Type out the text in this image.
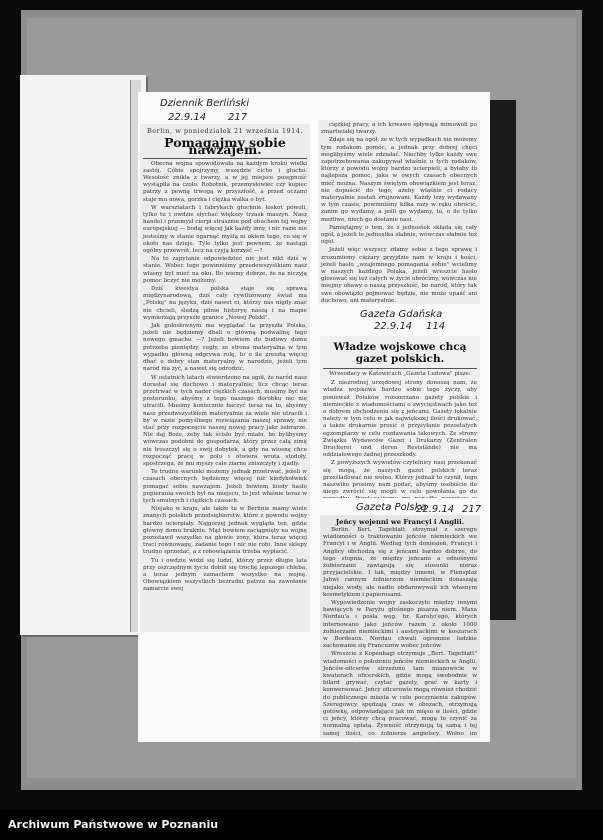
Dziennik Berliński
22.9.14 217
Berlin, w poniedziałek 21 września 1914.
Pomagajmy sobie nawzajem.

Obecna wojna spowodowała na każdym kroku wielki zastój. Cóbie spojrzymy, wszędzie cicho i głucho. Wesołość znikła z twarzy, a w jej miejsce posępność wystąpiła na czoło. Robotnik, przemysłowiec czy kupiec patrzy z pewną trwogą w przyszłość, a przed oczami staje mu nowa, gorzka i ciężka walka o byt.

W warsztatach i fabrykach głuchnie łoskot powoli, tylko tu i owdzie słychać większy trzask maszyn. Nasz handel i przemysł cierpi strasznie pod obuchem tej wojny europejskiej — bodaj więcej jak każdy inny, i nic razie nie jesteśmy w stanie ogarnąć myślą ni okiem tego, co się w około nas dzieje. Tyle tylko jest pewnem, że nastągi ogólny przewrót, lecz na czyją korzyść —?

Na to zapytanie odpowiedzieć nie jest nikt dziś w stanie. Wobec tego powinniśmy przedewszystkiem nasz własny byt mieć na oku. Bo wiemy dobrze, że na niczyją pomoc liczyć nie możemy.

Dziś kwestya polska staje się sprawą międzynarodową, dziś cały cywilizowany świat ma „Polskę" na języku, dziś nawet ci, którzy nas nigdy znać nie chcieli, śledzą pilnie historyę naszą i na mapie wymierzają przyszłe granice „Nowej Polski".

Jak gołosłownym ma wyglądać ta przyszła Polska, jeżeli nie będziemy dbali o główną podwalinę tego nowego gmachu —? Jeżeli bowiem do budowy domu potrzeba pieniędzy, cegły, ze strona materyalna w tym wypadku główną odgrywa rolę, to o ile zresztą więcej dbać o dobry stan materyalny w narodzie, jeżeli tym naród ma żyć, a nawet się odrodzić.

W ostatnich latach stwierdzono na ogół, że naród nasz dorastał się duchowo i materyalnie; licz chcąc teraz przetrwać w tych nader ciężkich czasach, musimy być na posterunku, abyśmy z tego naszego dorobku nic nie utracili. Musimy koniecznie baczyć teraz na to, abyśmy nasz przedwszystkiem materyalnie za wiele nie utracili i by w razie pomyślnego rozwiązania naszej sprawy, nie stać przy rozpoczęciu naszej nowej pracy jakr żebrarze. Nie daj Boże, żeby tak ścisło być miało, bo bylibyśmy wówczas podobni do gospodarza, który przez całą zimę nie troszczył się o swój dobytek, a gdy na wiosnę chce rozpocząć pracę w polu i otwiera wrota stodoły, spostrzega, że mu myszy całe ziarno zniszczyły i zjadły.

Te trudne warunki możemy jednak przetrwać, jeżeli w czasach obecnych będziemy więcej niż kiedykolwiek pomagać sobie nawzajem. Jeżeli bowiem kiedy hasło popierania swoich był na miejscu, to jest właśnie teraz w tych smutnych i ciężkich czasach.

Niejako w kraju, ale także tu w Berlinie mamy wiele znanych polskich przedsiębiorstw, które z powodu wojny bardzo ucierpiały. Najgorzej jednak wygląda ten, gdzie główny domu braknie. Mąż bowiem zaciągnięty na wojnę pozostawił wszystko na głowie żony, która teraz więcej traci równowagę, zadanie tego i nic nie robi. Inne sklepy trudno sprzedać, a z robowiązania trzeba wypłacić.

Tu i owdzie widzi się ludzi, którzy przez długie lata przy oszczędnym życiu dobili się trochę lepszego chleba, a teraz jednym zamachem wszystko na wojnę. Obowiązkiem wszystkich bezradni patrza na zawołanie zamarcie swej

ciężkiej pracy, a ich krwawo spływają mimowoli po zmartwiałej twarzy.

Zdaje się na ogół, że w tych wypadkach nie możemy tym rodakom pomóc, a jednak przy dobrej chęci moglibyśmy wiele zdziałać. Niechby tylko każdy swe zapotrzebowania zakupywał właśnie u tych rodaków, którzy z powodu wojny bardzo ucierpieli, a byłaby to najlepsza pomoc, jaka w owych czasach obecnych mieć można. Naszym świętym obowiązkiem jest teraz, nie dopuścić do tego, ażeby właśnie ci rodacy materyalnie zostali zrujnowani. Każdy trzy wydawany w tym czasie, powinniśmy kilka razy w ręku obrócić, zanim go wydamy, a jeśli go wydamy, to, o ile tylko możliwe, niech go dostanie nasi.

Pamiętajmy o tem, że z jednostek składa się cały ogół, a jeżeli te jednostka słabnie, wówczas słabnie też ogół.

Jeżeli więc wszyscy zdamy sobie z tego sprawę i zrozumiemy ciężary przyjdzie nam w kraju i kości, jeżeli hasło „wzajemnego pomagania sobie" wcielimy w naszych każdego Polaka, jeżeli wreszcie hasło głosować się też całych w życie obrócimy, wówczas nie miejmy obawy o naszą przyszłość, bo naród, który tak swe obowiązki pojmować będzie, nie może upaść ani duchowo, ani materyalnie.

Gazeta Gdańska
22.9.14 114
Władze wojskowe chcą gazet polskich.
Wrzeodacy w Katowicach „Gazeta Ludowa" pisze:

Z niezrodnej urzędowej strony donoszą nam, że władza wojskowa bardzo sobie tego życzy, aby ponieważ Polaków rozszerzano gazety polskie i niemieckie z wiadomościami o zwycięstwach jako też o dobrem obchodzeniu się z jeńcami. Gazety lokalnie należy w tym celu w jak największej ilości drukować, a także drukarnie prosić o przysyłanie pozostałych egzemplarzy w celu rozdawania takowych. Ze strony Związku Wydawców Gazet i Drukarzy (Zentralen Druckerei und deren Reststände) nie ma oddziałowego żadnej przeszkody.

Z powyższych wywodów czytelnicy nasi przekonać się mogą, że naszych gazet polskich teraz prześladować nie wolno. Którzy jednak to czynił, tego naszwiko prosimy nam podać, abyśmy osobiście do niego zwrócić się mogli w celu powołania go do

Gazeta Polska
22.9.14 217
Jeńcy wojenni we Francyi i Anglii.

Berlin. Bert. Tageblatt otrzymał z szeregu wiadomości o traktowaniu jeńców niemieckich we Francyi i w Anglii. Według tych doniesień, Francyi i Anglicy obchodzą się z jeńcami bardzo dobrze, do tego stopnia, że między jeńcami a odnośnymi żołnierzami zawiązują się stosunki nieraz przyjacielskie. I tak, między innemi, w Flensplaz Jahwi rannym żołnierzom niemieckim donaszają niejako wody, ale nadto obdarowywali ich własnym kosmetykiem i papierosami.

Wypowiedzenie wojny zaskoczyło między innymi bawiących w Paryżu głośnego pisarza niem. Maxa Nordau'a i posła węg. hr. Karolyi'ego, których internowano jako jeńców razem z około 1000 żołnierzami niemieckimi i austryackimi w koszarach w Bordeaux. Nordau chwali ogromnie ludzkie zachowanie się Francuzów wobec jeńców.

Wreszcie z Kopenhagi otrzymuje „Bert. Tageblatt" wiadomości o położeniu jeńców niemieckich w Anglii. Jeńców-oficerów strzeżono tam mianowicie w kwaterach oficerskich, gdzie mogą swobodnie w bilard grywać, czytać gazety, grać w karty i konwersować. Jeńcy oficerowie mogą również chodzić do publicznego miasta w celu poczynienia zakupów. Szeregowcy spędzają czas w obozach, otrzymują gotówkę, odpowiadające jak im mięso w ilości, gdzie ci jeńcy, którzy chcą pracować, mogą to czynić za normalną opłatą. Żywność otrzymują tą samą i tej samej ilości, co żołnierze angielscy. Wolno im

Archiwum Państwowe w Poznaniu
